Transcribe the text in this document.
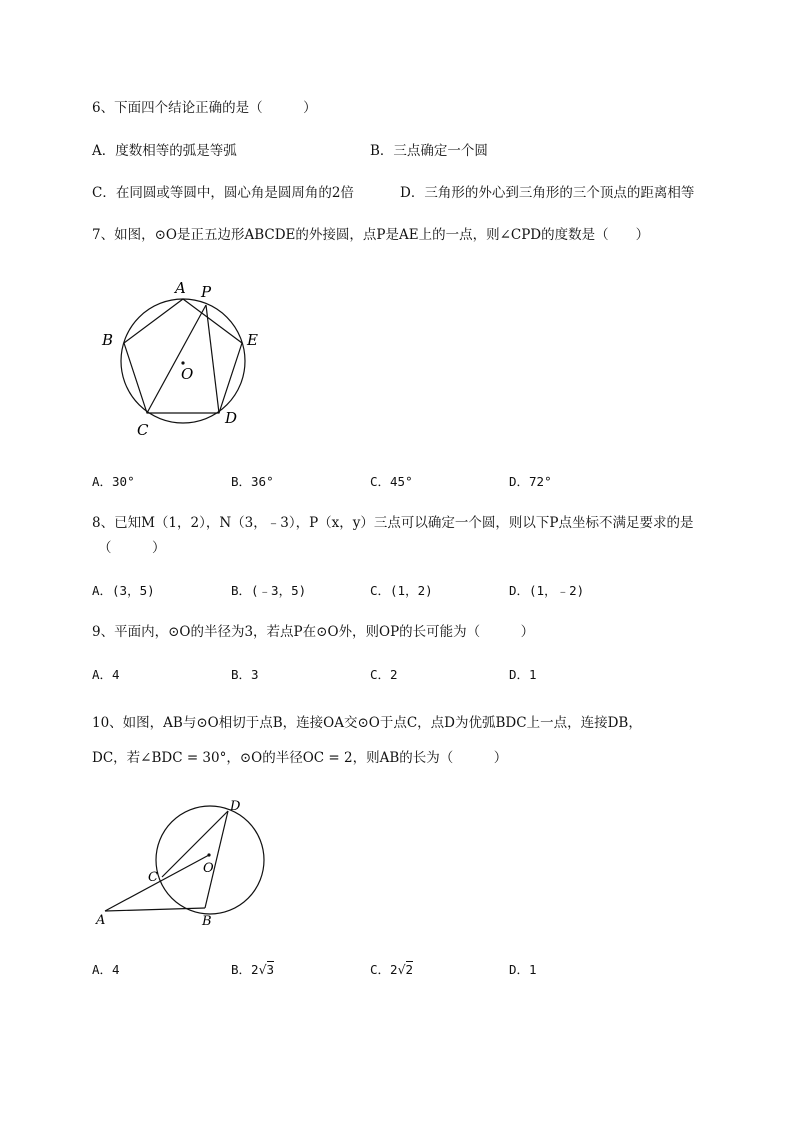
6、下面四个结论正确的是（　　　）
A．度数相等的弧是等弧	B．三点确定一个圆
C．在同圆或等圆中，圆心角是圆周角的2倍	D．三角形的外心到三角形的三个顶点的距离相等
7、如图，⊙O是正五边形ABCDE的外接圆，点P是AE上的一点，则∠CPD的度数是（　　）
A P
B	E
O
C
D
A．30°	B．36°	C．45°	D．72°
8、已知M（1，2），N（3，﹣3），P（x，y）三点可以确定一个圆，则以下P点坐标不满足要求的是
（　　　）
A．(3，5)	B．(﹣3，5)	C．(1，2)	D．(1，﹣2)
9、平面内，⊙O的半径为3，若点P在⊙O外，则OP的长可能为（　　　）
A．4	B．3	C．2	D．1
10、如图，AB与⊙O相切于点B，连接OA交⊙O于点C，点D为优弧BDC上一点，连接DB，
DC，若∠BDC = 30°，⊙O的半径OC = 2，则AB的长为（　　　）
D
C
O
A	B
A．4	B．2√3	C．2√2	D．1
